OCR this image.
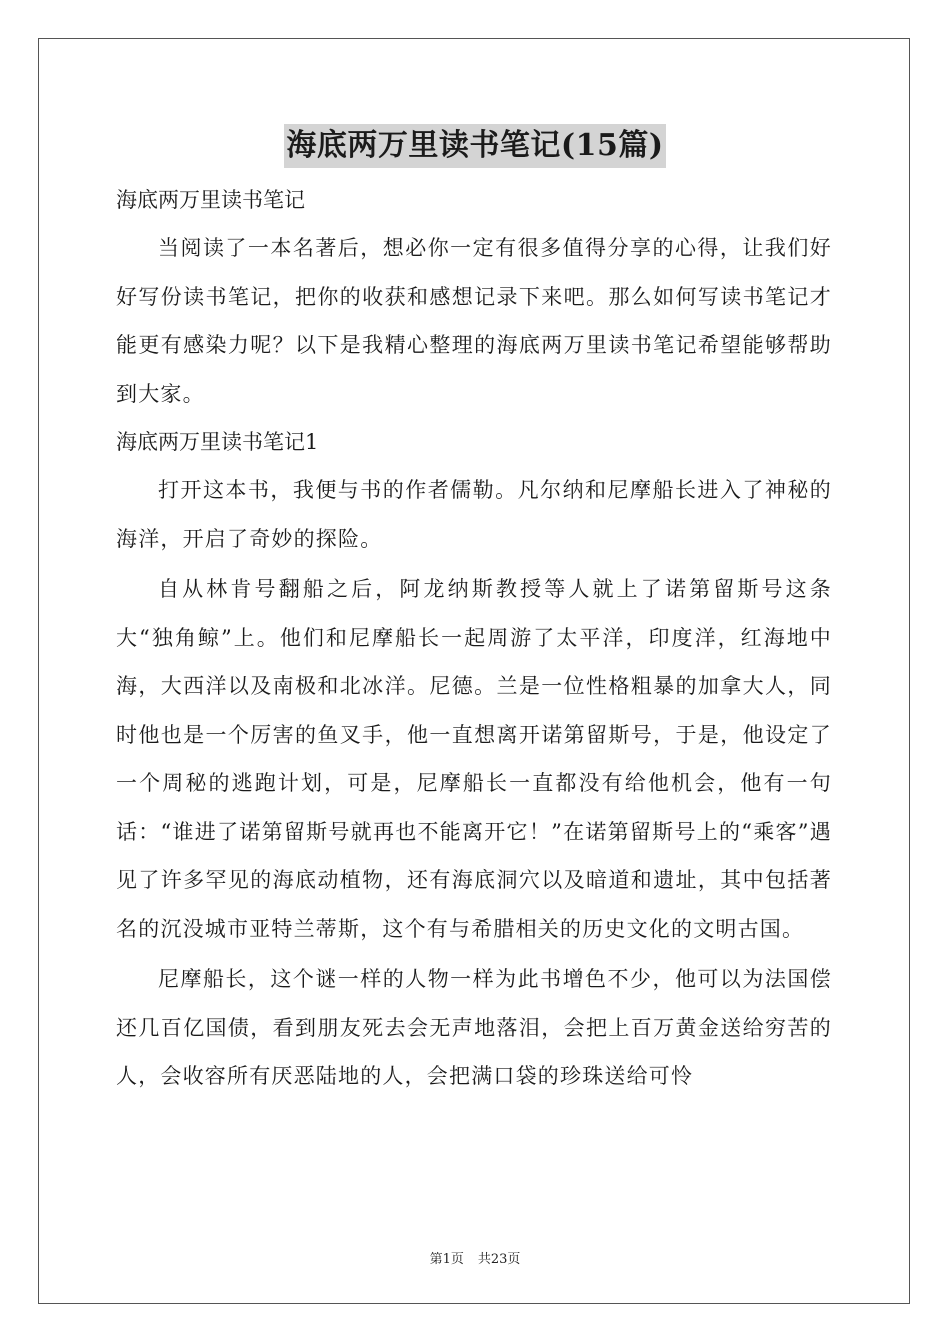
海底两万里读书笔记(15篇)

海底两万里读书笔记

当阅读了一本名著后，想必你一定有很多值得分享的心得，让我们好好写份读书笔记，把你的收获和感想记录下来吧。那么如何写读书笔记才能更有感染力呢？以下是我精心整理的海底两万里读书笔记希望能够帮助到大家。

海底两万里读书笔记1

打开这本书，我便与书的作者儒勒。凡尔纳和尼摩船长进入了神秘的海洋，开启了奇妙的探险。

自从林肯号翻船之后，阿龙纳斯教授等人就上了诺第留斯号这条大“独角鲸”上。他们和尼摩船长一起周游了太平洋，印度洋，红海地中海，大西洋以及南极和北冰洋。尼德。兰是一位性格粗暴的加拿大人，同时他也是一个厉害的鱼叉手，他一直想离开诺第留斯号，于是，他设定了一个周秘的逃跑计划，可是，尼摩船长一直都没有给他机会，他有一句话：“谁进了诺第留斯号就再也不能离开它！”在诺第留斯号上的“乘客”遇见了许多罕见的海底动植物，还有海底洞穴以及暗道和遗址，其中包括著名的沉没城市亚特兰蒂斯，这个有与希腊相关的历史文化的文明古国。

尼摩船长，这个谜一样的人物一样为此书增色不少，他可以为法国偿还几百亿国债，看到朋友死去会无声地落泪，会把上百万黄金送给穷苦的人，会收容所有厌恶陆地的人，会把满口袋的珍珠送给可怜

第1页 共23页
